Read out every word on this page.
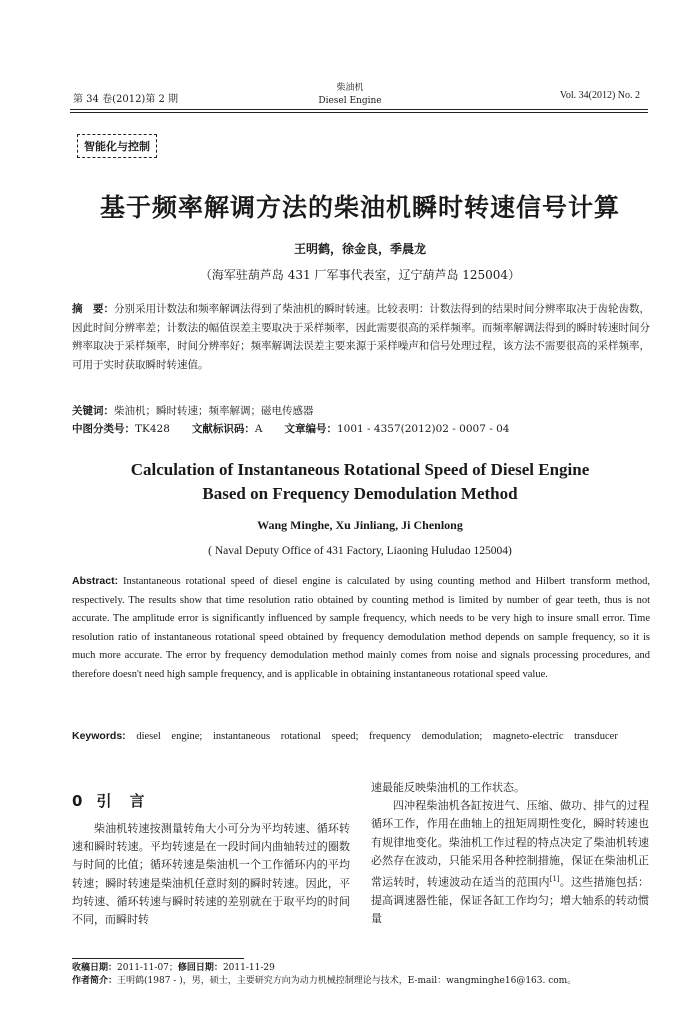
第 34 卷(2012)第 2 期
柴油机
Diesel Engine	Vol. 34(2012) No. 2
智能化与控制
基于频率解调方法的柴油机瞬时转速信号计算
王明鹤，徐金良，季晨龙
（海军驻葫芦岛 431 厂军事代表室，辽宁葫芦岛 125004）
摘　要：分别采用计数法和频率解调法得到了柴油机的瞬时转速。比较表明：计数法得到的结果时间分辨率取决于齿轮齿数，因此时间分辨率差；计数法的幅值误差主要取决于采样频率，因此需要很高的采样频率。而频率解调法得到的瞬时转速时间分辨率取决于采样频率，时间分辨率好；频率解调法误差主要来源于采样噪声和信号处理过程，该方法不需要很高的采样频率，可用于实时获取瞬时转速值。
关键词：柴油机；瞬时转速；频率解调；磁电传感器
中图分类号：TK428 文献标识码：A 文章编号：1001 - 4357(2012)02 - 0007 - 04
Calculation of Instantaneous Rotational Speed of Diesel Engine
Based on Frequency Demodulation Method
Wang Minghe, Xu Jinliang, Ji Chenlong
( Naval Deputy Office of 431 Factory, Liaoning Huludao 125004)
Abstract: Instantaneous rotational speed of diesel engine is calculated by using counting method and Hilbert transform method, respectively. The results show that time resolution ratio obtained by counting method is limited by number of gear teeth, thus is not accurate. The amplitude error is significantly influenced by sample frequency, which needs to be very high to insure small error. Time resolution ratio of instantaneous rotational speed obtained by frequency demodulation method depends on sample frequency, so it is much more accurate. The error by frequency demodulation method mainly comes from noise and signals processing procedures, and therefore doesn't need high sample frequency, and is applicable in obtaining instantaneous rotational speed value.
Keywords: diesel engine; instantaneous rotational speed; frequency demodulation; magneto-electric transducer
0 引 言

柴油机转速按测量转角大小可分为平均转速、循环转速和瞬时转速。平均转速是在一段时间内曲轴转过的圈数与时间的比值；循环转速是柴油机一个工作循环内的平均转速；瞬时转速是柴油机任意时刻的瞬时转速。因此，平均转速、循环转速与瞬时转速的差别就在于取平均的时间不同，而瞬时转

速最能反映柴油机的工作状态。

四冲程柴油机各缸按进气、压缩、做功、排气的过程循环工作，作用在曲轴上的扭矩周期性变化，瞬时转速也有规律地变化。柴油机工作过程的特点决定了柴油机转速必然存在波动，只能采用各种控制措施，保证在柴油机正常运转时，转速波动在适当的范围内[1]。这些措施包括：提高调速器性能，保证各缸工作均匀；增大轴系的转动惯量

收稿日期：2011-11-07；修回日期：2011-11-29
作者简介：王明鹤(1987 - )，男，硕士，主要研究方向为动力机械控制理论与技术，E-mail：wangminghe16@163. com。
